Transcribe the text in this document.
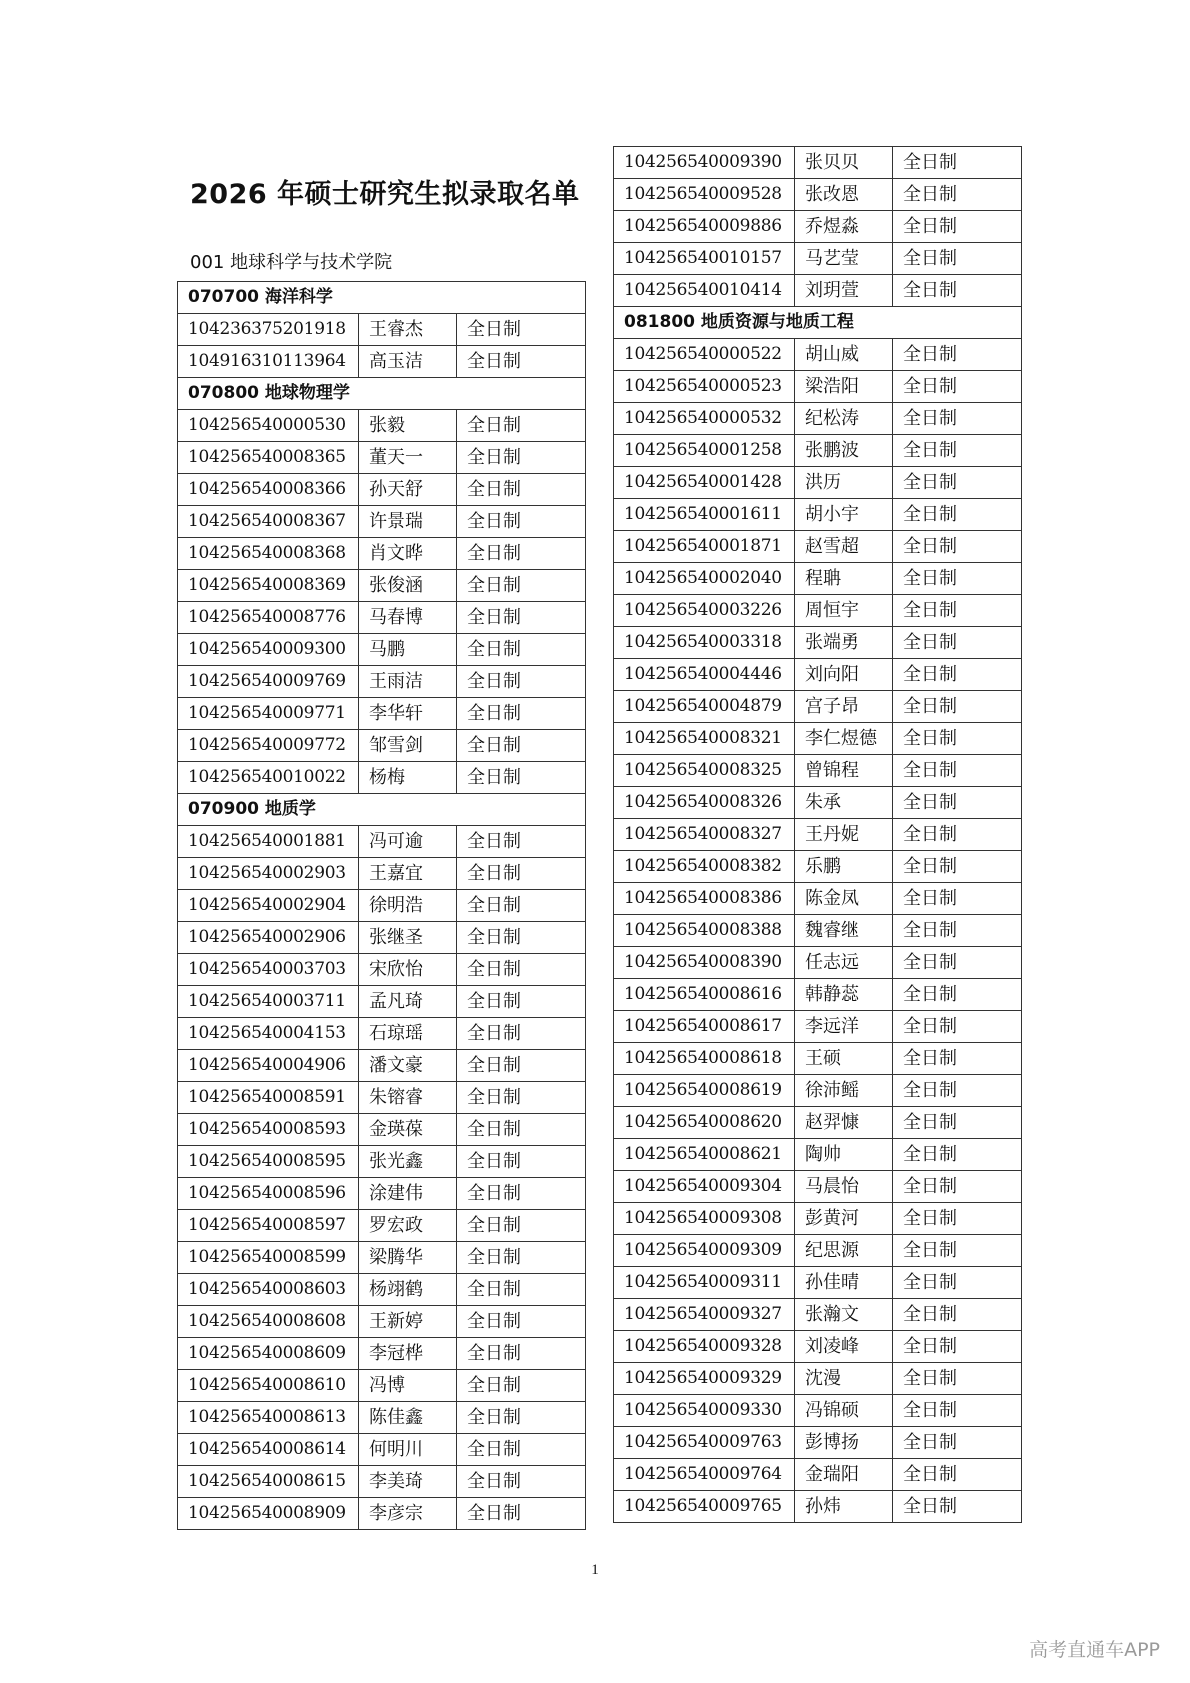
2026 年硕士研究生拟录取名单
001 地球科学与技术学院
070700 海洋科学		
104236375201918	王睿杰	全日制
104916310113964	高玉洁	全日制
070800 地球物理学		
104256540000530	张毅	全日制
104256540008365	董天一	全日制
104256540008366	孙天舒	全日制
104256540008367	许景瑞	全日制
104256540008368	肖文晔	全日制
104256540008369	张俊涵	全日制
104256540008776	马春博	全日制
104256540009300	马鹏	全日制
104256540009769	王雨洁	全日制
104256540009771	李华轩	全日制
104256540009772	邹雪剑	全日制
104256540010022	杨梅	全日制
070900 地质学		
104256540001881	冯可逾	全日制
104256540002903	王嘉宜	全日制
104256540002904	徐明浩	全日制
104256540002906	张继圣	全日制
104256540003703	宋欣怡	全日制
104256540003711	孟凡琦	全日制
104256540004153	石琼瑶	全日制
104256540004906	潘文豪	全日制
104256540008591	朱镕睿	全日制
104256540008593	金瑛葆	全日制
104256540008595	张光鑫	全日制
104256540008596	涂建伟	全日制
104256540008597	罗宏政	全日制
104256540008599	梁腾华	全日制
104256540008603	杨翊鹤	全日制
104256540008608	王新婷	全日制
104256540008609	李冠桦	全日制
104256540008610	冯博	全日制
104256540008613	陈佳鑫	全日制
104256540008614	何明川	全日制
104256540008615	李美琦	全日制
104256540008909	李彦宗	全日制
104256540009390	张贝贝	全日制
104256540009528	张改恩	全日制
104256540009886	乔煜淼	全日制
104256540010157	马艺莹	全日制
104256540010414	刘玥萱	全日制
081800 地质资源与地质工程		
104256540000522	胡山威	全日制
104256540000523	梁浩阳	全日制
104256540000532	纪松涛	全日制
104256540001258	张鹏波	全日制
104256540001428	洪历	全日制
104256540001611	胡小宇	全日制
104256540001871	赵雪超	全日制
104256540002040	程聃	全日制
104256540003226	周恒宇	全日制
104256540003318	张端勇	全日制
104256540004446	刘向阳	全日制
104256540004879	宫子昂	全日制
104256540008321	李仁煜德	全日制
104256540008325	曾锦程	全日制
104256540008326	朱承	全日制
104256540008327	王丹妮	全日制
104256540008382	乐鹏	全日制
104256540008386	陈金凤	全日制
104256540008388	魏睿继	全日制
104256540008390	任志远	全日制
104256540008616	韩静蕊	全日制
104256540008617	李远洋	全日制
104256540008618	王硕	全日制
104256540008619	徐沛鳐	全日制
104256540008620	赵羿慷	全日制
104256540008621	陶帅	全日制
104256540009304	马晨怡	全日制
104256540009308	彭黄河	全日制
104256540009309	纪思源	全日制
104256540009311	孙佳晴	全日制
104256540009327	张瀚文	全日制
104256540009328	刘凌峰	全日制
104256540009329	沈漫	全日制
104256540009330	冯锦硕	全日制
104256540009763	彭博扬	全日制
104256540009764	金瑞阳	全日制
104256540009765	孙炜	全日制
1
高考直通车APP
